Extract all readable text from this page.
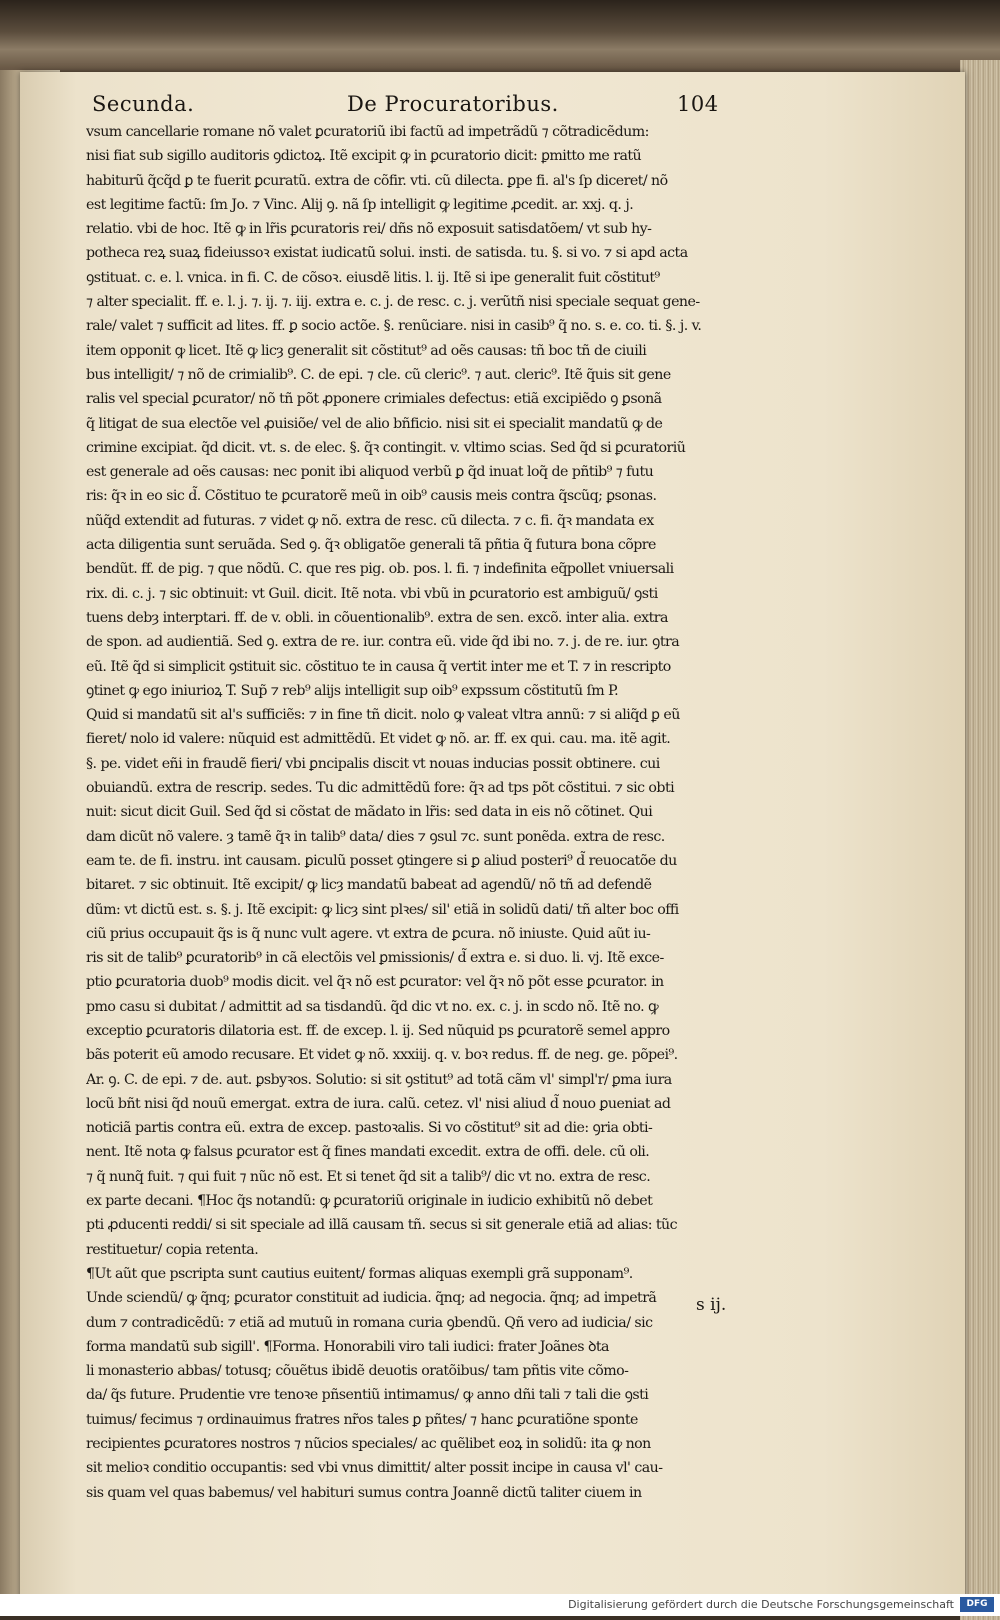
Secunda.	De Procuratoribus.	104
vsum cancellarie romane nõ valet ꝑcuratoriũ ibi factũ ad impetrãdũ ⁊ cõtradicẽdum:
nisi fiat sub sigillo auditoris ꝯdictoꝝ. Itẽ excipit ꝙ in ꝑcuratorio dicit: ꝑmitto me ratũ
habiturũ q̃cq̃d ꝑ te fuerit ꝑcuratũ. extra de cõfir. vti. cũ dilecta. ꝑpe fi. al's ſp diceret/ nõ
est legitime factũ: ſm Jo. ⁊ Vinc. Alij ꝯ. nã ſp intelligit ꝙ legitime ꝓcedit. ar. xxj. q. j.
relatio. vbi de hoc. Itẽ ꝙ in lr̃is ꝑcuratoris rei/ dñs nõ exposuit satisdatõem/ vt sub hy-
potheca reꝝ suaꝝ fideiussoꝛ existat iudicatũ solui. insti. de satisda. tu. §. si vo. ⁊ si apd acta
ꝯstituat. c. e. l. vnica. in fi. C. de cõsoꝛ. eiusdẽ litis. l. ij. Itẽ si ipe generalit fuit cõstitut⁹
⁊ alter specialit. ff. e. l. j. ⁊. ij. ⁊. iij. extra e. c. j. de resc. c. j. verũtñ nisi speciale sequat gene-
rale/ valet ⁊ sufficit ad lites. ff. ꝑ socio actõe. §. renũciare. nisi in casib⁹ q̃ no. s. e. co. ti. §. j. v.
item opponit ꝙ licet. Itẽ ꝙ licȝ generalit sit cõstitut⁹ ad oẽs causas: tñ boc tñ de ciuili
bus intelligit/ ⁊ nõ de crimialib⁹. C. de epi. ⁊ cle. cũ cleric⁹. ⁊ aut. cleric⁹. Itẽ q̃uis sit gene
ralis vel special ꝑcurator/ nõ tñ põt ꝓponere crimiales defectus: etiã excipiẽdo ꝯ ꝑsonã
q̃ litigat de sua electõe vel ꝓuisiõe/ vel de alio bñficio. nisi sit ei specialit mandatũ ꝙ de
crimine excipiat. q̃d dicit. vt. s. de elec. §. q̃ꝛ contingit. v. vltimo scias. Sed q̃d si ꝑcuratoriũ
est generale ad oẽs causas: nec ponit ibi aliquod verbũ ꝑ q̃d inuat loq̃ de pñtib⁹ ⁊ futu
ris: q̃ꝛ in eo sic d̃. Cõstituo te ꝑcuratorẽ meũ in oib⁹ causis meis contra q̃scũq; ꝑsonas.
nũq̃d extendit ad futuras. ⁊ videt ꝙ nõ. extra de resc. cũ dilecta. ⁊ c. fi. q̃ꝛ mandata ex
acta diligentia sunt seruãda. Sed ꝯ. q̃ꝛ obligatõe generali tã pñtia q̃ futura bona cõpre
bendũt. ff. de pig. ⁊ que nõdũ. C. que res pig. ob. pos. l. fi. ⁊ indefinita eq̃pollet vniuersali
rix. di. c. j. ⁊ sic obtinuit: vt Guil. dicit. Itẽ nota. vbi vbũ in ꝑcuratorio est ambiguũ/ ꝯsti
tuens debȝ interptari. ff. de v. obli. in cõuentionalib⁹. extra de sen. excõ. inter alia. extra
de spon. ad audientiã. Sed ꝯ. extra de re. iur. contra eũ. vide q̃d ibi no. ⁊. j. de re. iur. ꝯtra
eũ. Itẽ q̃d si simplicit ꝯstituit sic. cõstituo te in causa q̃ vertit inter me et T. ⁊ in rescripto
ꝯtinet ꝙ ego iniurioꝝ T. Sup̃ ⁊ reb⁹ alijs intelligit sup oib⁹ expssum cõstitutũ ſm P.
Quid si mandatũ sit al's sufficiẽs: ⁊ in fine tñ dicit. nolo ꝙ valeat vltra annũ: ⁊ si aliq̃d ꝑ eũ
fieret/ nolo id valere: nũquid est admittẽdũ. Et videt ꝙ nõ. ar. ff. ex qui. cau. ma. itẽ agit.
§. pe. videt eñi in fraudẽ fieri/ vbi ꝑncipalis discit vt nouas inducias possit obtinere. cui
obuiandũ. extra de rescrip. sedes. Tu dic admittẽdũ fore: q̃ꝛ ad tps põt cõstitui. ⁊ sic obti
nuit: sicut dicit Guil. Sed q̃d si cõstat de mãdato in lr̃is: sed data in eis nõ cõtinet. Qui
dam dicũt nõ valere. ȝ tamẽ q̃ꝛ in talib⁹ data/ dies ⁊ ꝯsul ⁊c. sunt ponẽda. extra de resc.
eam te. de fi. instru. int causam. ꝑiculũ posset ꝯtingere si ꝑ aliud posteri⁹ d̃ reuocatõe du
bitaret. ⁊ sic obtinuit. Itẽ excipit/ ꝙ licȝ mandatũ babeat ad agendũ/ nõ tñ ad defendẽ
dũm: vt dictũ est. s. §. j. Itẽ excipit: ꝙ licȝ sint plꝛes/ sil' etiã in solidũ dati/ tñ alter boc offi
ciũ prius occupauit q̃s is q̃ nunc vult agere. vt extra de ꝑcura. nõ iniuste. Quid aũt iu-
ris sit de talib⁹ ꝑcuratorib⁹ in cã electõis vel ꝑmissionis/ d̃ extra e. si duo. li. vj. Itẽ exce-
ptio ꝑcuratoria duob⁹ modis dicit. vel q̃ꝛ nõ est ꝑcurator: vel q̃ꝛ nõ põt esse ꝑcurator. in
pmo casu si dubitat / admittit ad sa tisdandũ. q̃d dic vt no. ex. c. j. in scdo nõ. Itẽ no. ꝙ
exceptio ꝑcuratoris dilatoria est. ff. de excep. l. ij. Sed nũquid ps ꝑcuratorẽ semel appro
bãs poterit eũ amodo recusare. Et videt ꝙ nõ. xxxiij. q. v. boꝛ redus. ff. de neg. ge. põpei⁹.
Ar. ꝯ. C. de epi. ⁊ de. aut. ꝑsbyꝛos. Solutio: si sit ꝯstitut⁹ ad totã cãm vl' simpl'r/ ꝑma iura
locũ bñt nisi q̃d nouũ emergat. extra de iura. calũ. cetez. vl' nisi aliud d̃ nouo ꝑueniat ad
noticiã partis contra eũ. extra de excep. pastoꝛalis. Si vo cõstitut⁹ sit ad die: ꝯria obti-
nent. Itẽ nota ꝙ falsus ꝑcurator est q̃ fines mandati excedit. extra de offi. dele. cũ oli.
⁊ q̃ nunq̃ fuit. ⁊ qui fuit ⁊ nũc nõ est. Et si tenet q̃d sit a talib⁹/ dic vt no. extra de resc.
ex parte decani. ¶Hoc q̃s notandũ: ꝙ ꝑcuratoriũ originale in iudicio exhibitũ nõ debet
pti ꝓducenti reddi/ si sit speciale ad illã causam tñ. secus si sit generale etiã ad alias: tũc
restituetur/ copia retenta.
¶Ut aũt que pscripta sunt cautius euitent/ formas aliquas exempli grã supponam⁹.
Unde sciendũ/ ꝙ q̃nq; ꝑcurator constituit ad iudicia. q̃nq; ad negocia. q̃nq; ad impetrã
dum ⁊ contradicẽdũ: ⁊ etiã ad mutuũ in romana curia ꝯbendũ. Qñ vero ad iudicia/ sic
forma mandatũ sub sigill'. ¶Forma. Honorabili viro tali iudici: frater Joãnes ꝺta
li monasterio abbas/ totusq; cõuẽtus ibidẽ deuotis oratõibus/ tam pñtis vite cõmo-
da/ q̃s future. Prudentie vre tenoꝛe pñsentiũ intimamus/ ꝙ anno dñi tali ⁊ tali die ꝯsti
tuimus/ fecimus ⁊ ordinauimus fratres nr̃os tales ꝑ pñtes/ ⁊ hanc ꝑcuratiõne sponte
recipientes ꝑcuratores nostros ⁊ nũcios speciales/ ac quẽlibet eoꝝ in solidũ: ita ꝙ non
sit melioꝛ conditio occupantis: sed vbi vnus dimittit/ alter possit incipe in causa vl' cau-
sis quam vel quas babemus/ vel habituri sumus contra Joannẽ dictũ taliter ciuem in
s ij.
Digitalisierung gefördert durch die Deutsche Forschungsgemeinschaft	DFG
